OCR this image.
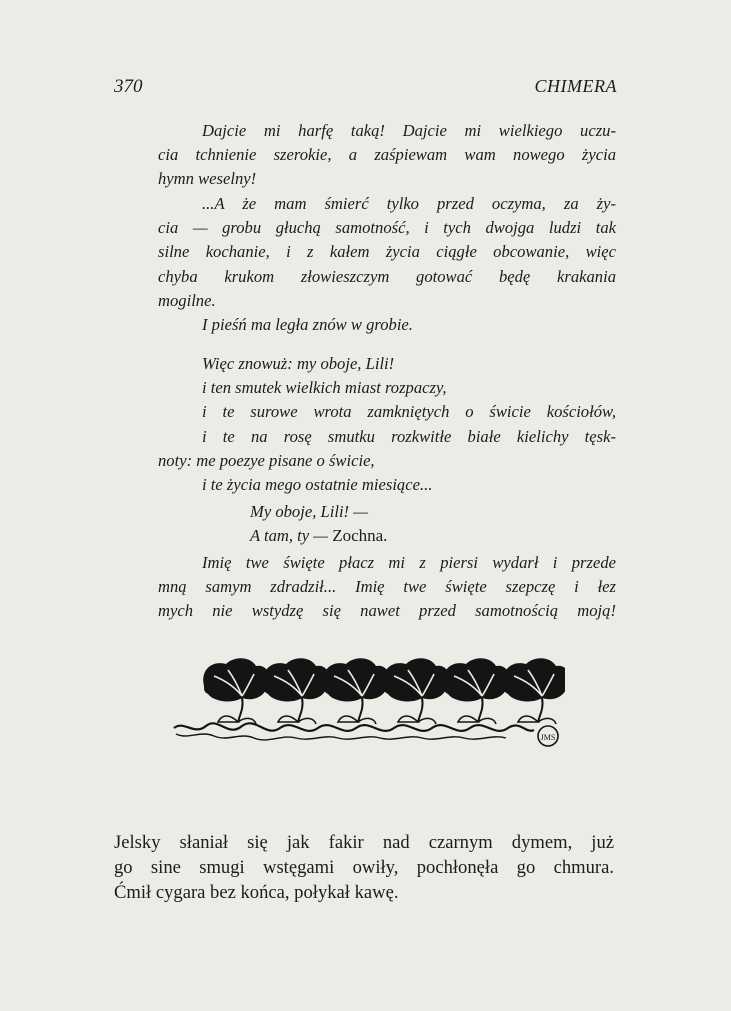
370	CHIMERA
Dajcie mi harfę taką! Dajcie mi wielkiego uczu-
cia tchnienie szerokie, a zaśpiewam wam nowego życia
hymn weselny!
...A że mam śmierć tylko przed oczyma, za ży-
cia — grobu głuchą samotność, i tych dwojga ludzi tak
silne kochanie, i z kałem życia ciągłe obcowanie, więc
chyba krukom złowieszczym gotować będę krakania
mogilne.
I pieśń ma legła znów w grobie.
Więc znowuż: my oboje, Lili!
i ten smutek wielkich miast rozpaczy,
i te surowe wrota zamkniętych o świcie kościołów,
i te na rosę smutku rozkwitłe białe kielichy tęsk-
noty: me poezye pisane o świcie,
i te życia mego ostatnie miesiące...
My oboje, Lili! —
A tam, ty — Zochna.
Imię twe święte płacz mi z piersi wydarł i przede
mną samym zdradził... Imię twe święte szepczę i łez
mych nie wstydzę się nawet przed samotnością moją!
JMS
Jelsky słaniał się jak fakir nad czarnym dymem, już
go sine smugi wstęgami owiły, pochłonęła go chmura.
Ćmił cygara bez końca, połykał kawę.
